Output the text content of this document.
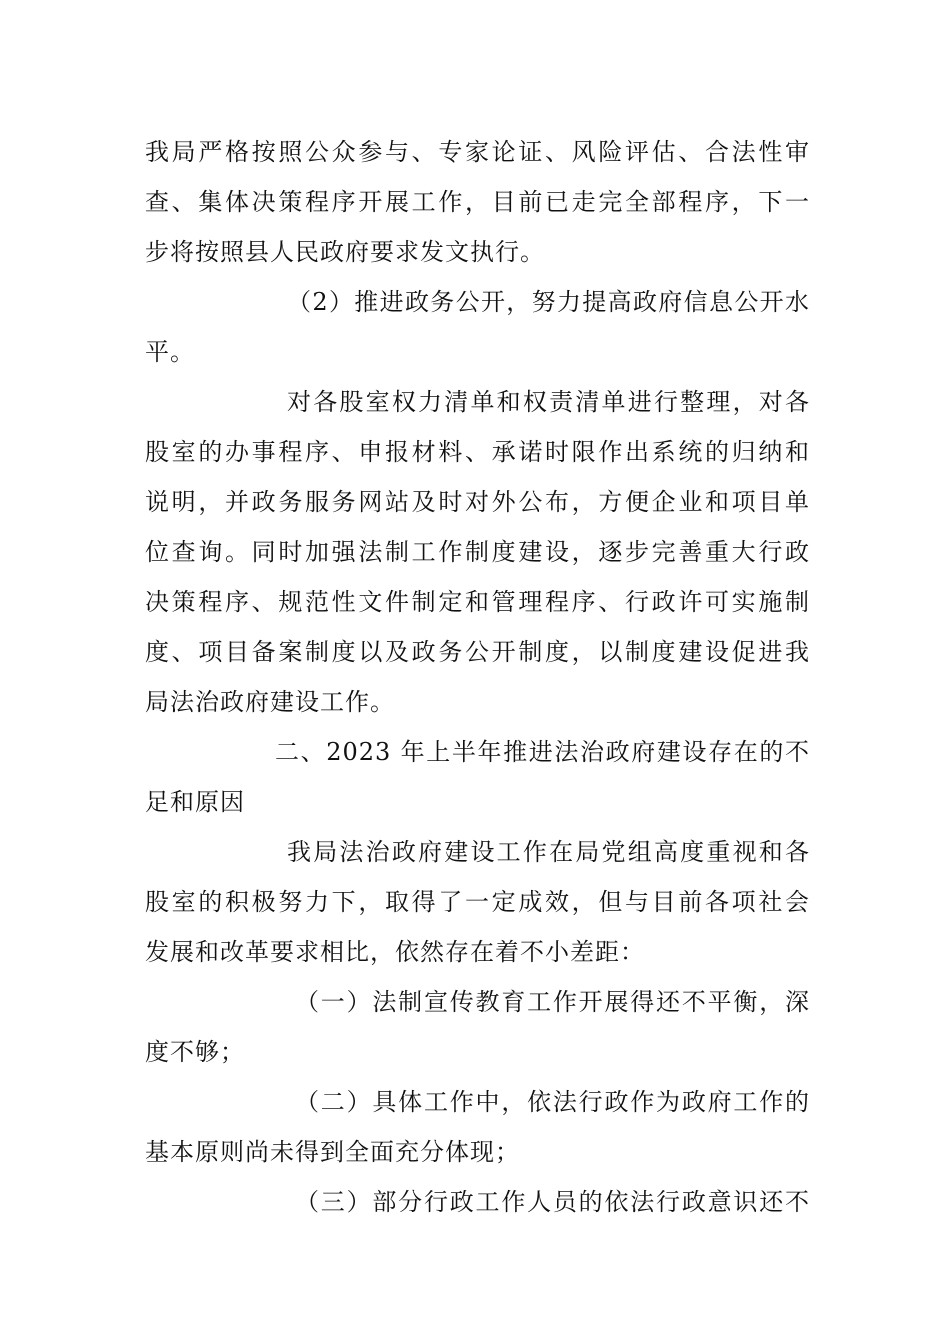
我局严格按照公众参与、专家论证、风险评估、合法性审
查、集体决策程序开展工作，目前已走完全部程序，下一
步将按照县人民政府要求发文执行。
（2）推进政务公开，努力提高政府信息公开水
平。
对各股室权力清单和权责清单进行整理，对各
股室的办事程序、申报材料、承诺时限作出系统的归纳和
说明，并政务服务网站及时对外公布，方便企业和项目单
位查询。同时加强法制工作制度建设，逐步完善重大行政
决策程序、规范性文件制定和管理程序、行政许可实施制
度、项目备案制度以及政务公开制度，以制度建设促进我
局法治政府建设工作。
二、2023 年上半年推进法治政府建设存在的不
足和原因
我局法治政府建设工作在局党组高度重视和各
股室的积极努力下，取得了一定成效，但与目前各项社会
发展和改革要求相比，依然存在着不小差距：
（一）法制宣传教育工作开展得还不平衡，深
度不够；
（二）具体工作中，依法行政作为政府工作的
基本原则尚未得到全面充分体现；
（三）部分行政工作人员的依法行政意识还不
